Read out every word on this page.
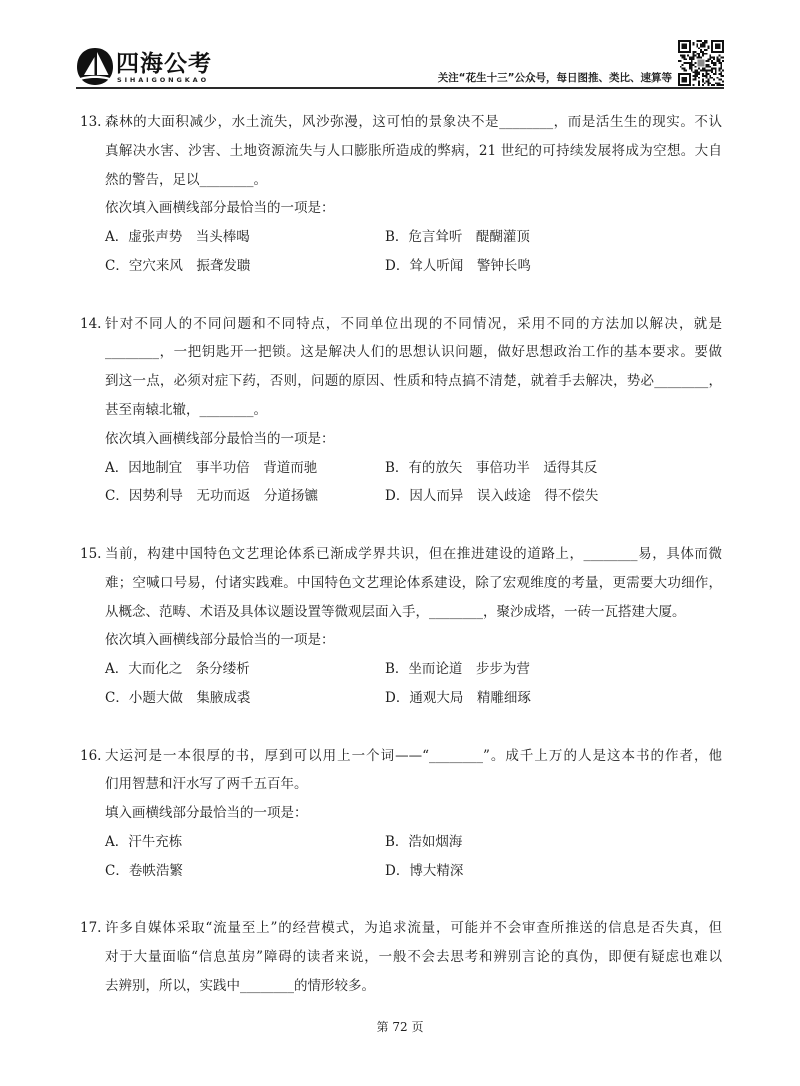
四海公考
SIHAIGONGKAO	关注“花生十三”公众号，每日图推、类比、速算等
13. 森林的大面积减少，水土流失，风沙弥漫，这可怕的景象决不是________，而是活生生的现实。不认
真解决水害、沙害、土地资源流失与人口膨胀所造成的弊病，21 世纪的可持续发展将成为空想。大自
然的警告，足以________。
依次填入画横线部分最恰当的一项是：
A．虚张声势　当头棒喝	B．危言耸听　醍醐灌顶
C．空穴来风　振聋发聩	D．耸人听闻　警钟长鸣
14. 针对不同人的不同问题和不同特点，不同单位出现的不同情况，采用不同的方法加以解决，就是
________，一把钥匙开一把锁。这是解决人们的思想认识问题，做好思想政治工作的基本要求。要做
到这一点，必须对症下药，否则，问题的原因、性质和特点搞不清楚，就着手去解决，势必________，
甚至南辕北辙，________。
依次填入画横线部分最恰当的一项是：
A．因地制宜　事半功倍　背道而驰	B．有的放矢　事倍功半　适得其反
C．因势利导　无功而返　分道扬镳	D．因人而异　误入歧途　得不偿失
15. 当前，构建中国特色文艺理论体系已渐成学界共识，但在推进建设的道路上，________易，具体而微
难；空喊口号易，付诸实践难。中国特色文艺理论体系建设，除了宏观维度的考量，更需要大功细作，
从概念、范畴、术语及具体议题设置等微观层面入手，________，聚沙成塔，一砖一瓦搭建大厦。
依次填入画横线部分最恰当的一项是：
A．大而化之　条分缕析	B．坐而论道　步步为营
C．小题大做　集腋成裘	D．通观大局　精雕细琢
16. 大运河是一本很厚的书，厚到可以用上一个词——“________”。成千上万的人是这本书的作者，他
们用智慧和汗水写了两千五百年。
填入画横线部分最恰当的一项是：
A．汗牛充栋	B．浩如烟海
C．卷帙浩繁	D．博大精深
17. 许多自媒体采取“流量至上”的经营模式，为追求流量，可能并不会审查所推送的信息是否失真，但
对于大量面临“信息茧房”障碍的读者来说，一般不会去思考和辨别言论的真伪，即便有疑虑也难以
去辨别，所以，实践中________的情形较多。
第 72 页
